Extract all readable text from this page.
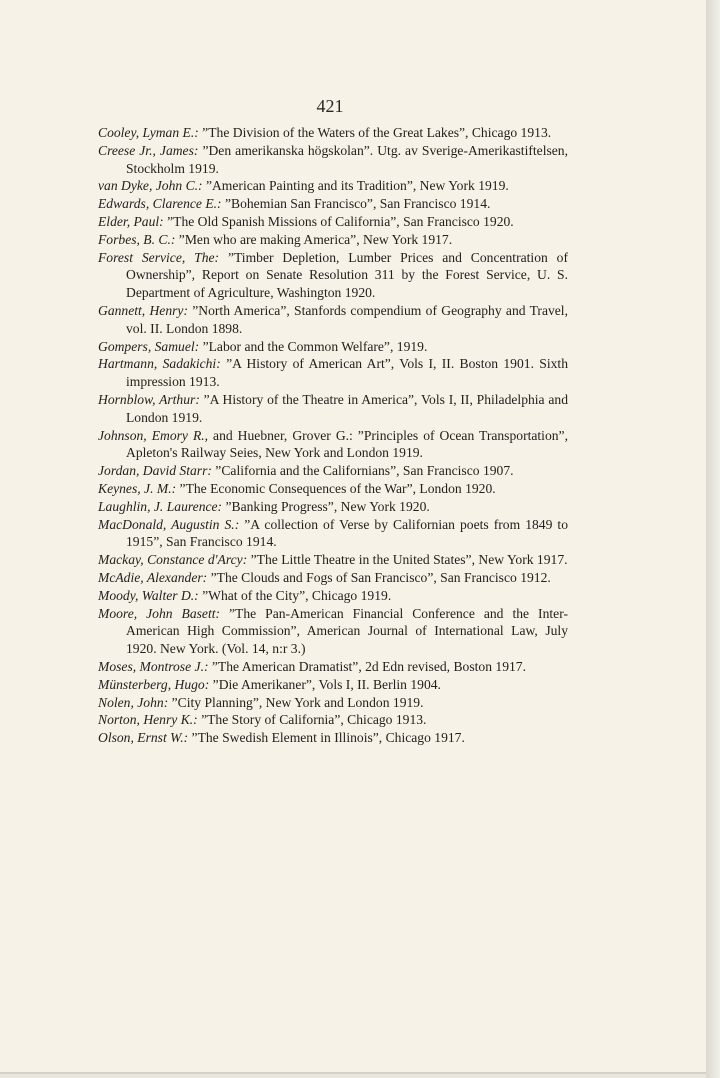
421

Cooley, Lyman E.: ”The Division of the Waters of the Great Lakes”, Chicago 1913.

Creese Jr., James: ”Den amerikanska högskolan”. Utg. av Sverige-Amerikastiftelsen, Stockholm 1919.

van Dyke, John C.: ”American Painting and its Tradition”, New York 1919.

Edwards, Clarence E.: ”Bohemian San Francisco”, San Francisco 1914.

Elder, Paul: ”The Old Spanish Missions of California”, San Francisco 1920.

Forbes, B. C.: ”Men who are making America”, New York 1917.

Forest Service, The: ”Timber Depletion, Lumber Prices and Concentration of Ownership”, Report on Senate Resolution 311 by the Forest Service, U. S. Department of Agriculture, Washington 1920.

Gannett, Henry: ”North America”, Stanfords compendium of Geography and Travel, vol. II. London 1898.

Gompers, Samuel: ”Labor and the Common Welfare”, 1919.

Hartmann, Sadakichi: ”A History of American Art”, Vols I, II. Boston 1901. Sixth impression 1913.

Hornblow, Arthur: ”A History of the Theatre in America”, Vols I, II, Philadelphia and London 1919.

Johnson, Emory R., and Huebner, Grover G.: ”Principles of Ocean Transportation”, Apleton's Railway Seies, New York and London 1919.

Jordan, David Starr: ”California and the Californians”, San Francisco 1907.

Keynes, J. M.: ”The Economic Consequences of the War”, London 1920.

Laughlin, J. Laurence: ”Banking Progress”, New York 1920.

MacDonald, Augustin S.: ”A collection of Verse by Californian poets from 1849 to 1915”, San Francisco 1914.

Mackay, Constance d'Arcy: ”The Little Theatre in the United States”, New York 1917.

McAdie, Alexander: ”The Clouds and Fogs of San Francisco”, San Francisco 1912.

Moody, Walter D.: ”What of the City”, Chicago 1919.

Moore, John Basett: ”The Pan-American Financial Conference and the Inter-American High Commission”, American Journal of International Law, July 1920. New York. (Vol. 14, n:r 3.)

Moses, Montrose J.: ”The American Dramatist”, 2d Edn revised, Boston 1917.

Münsterberg, Hugo: ”Die Amerikaner”, Vols I, II. Berlin 1904.

Nolen, John: ”City Planning”, New York and London 1919.

Norton, Henry K.: ”The Story of California”, Chicago 1913.

Olson, Ernst W.: ”The Swedish Element in Illinois”, Chicago 1917.
